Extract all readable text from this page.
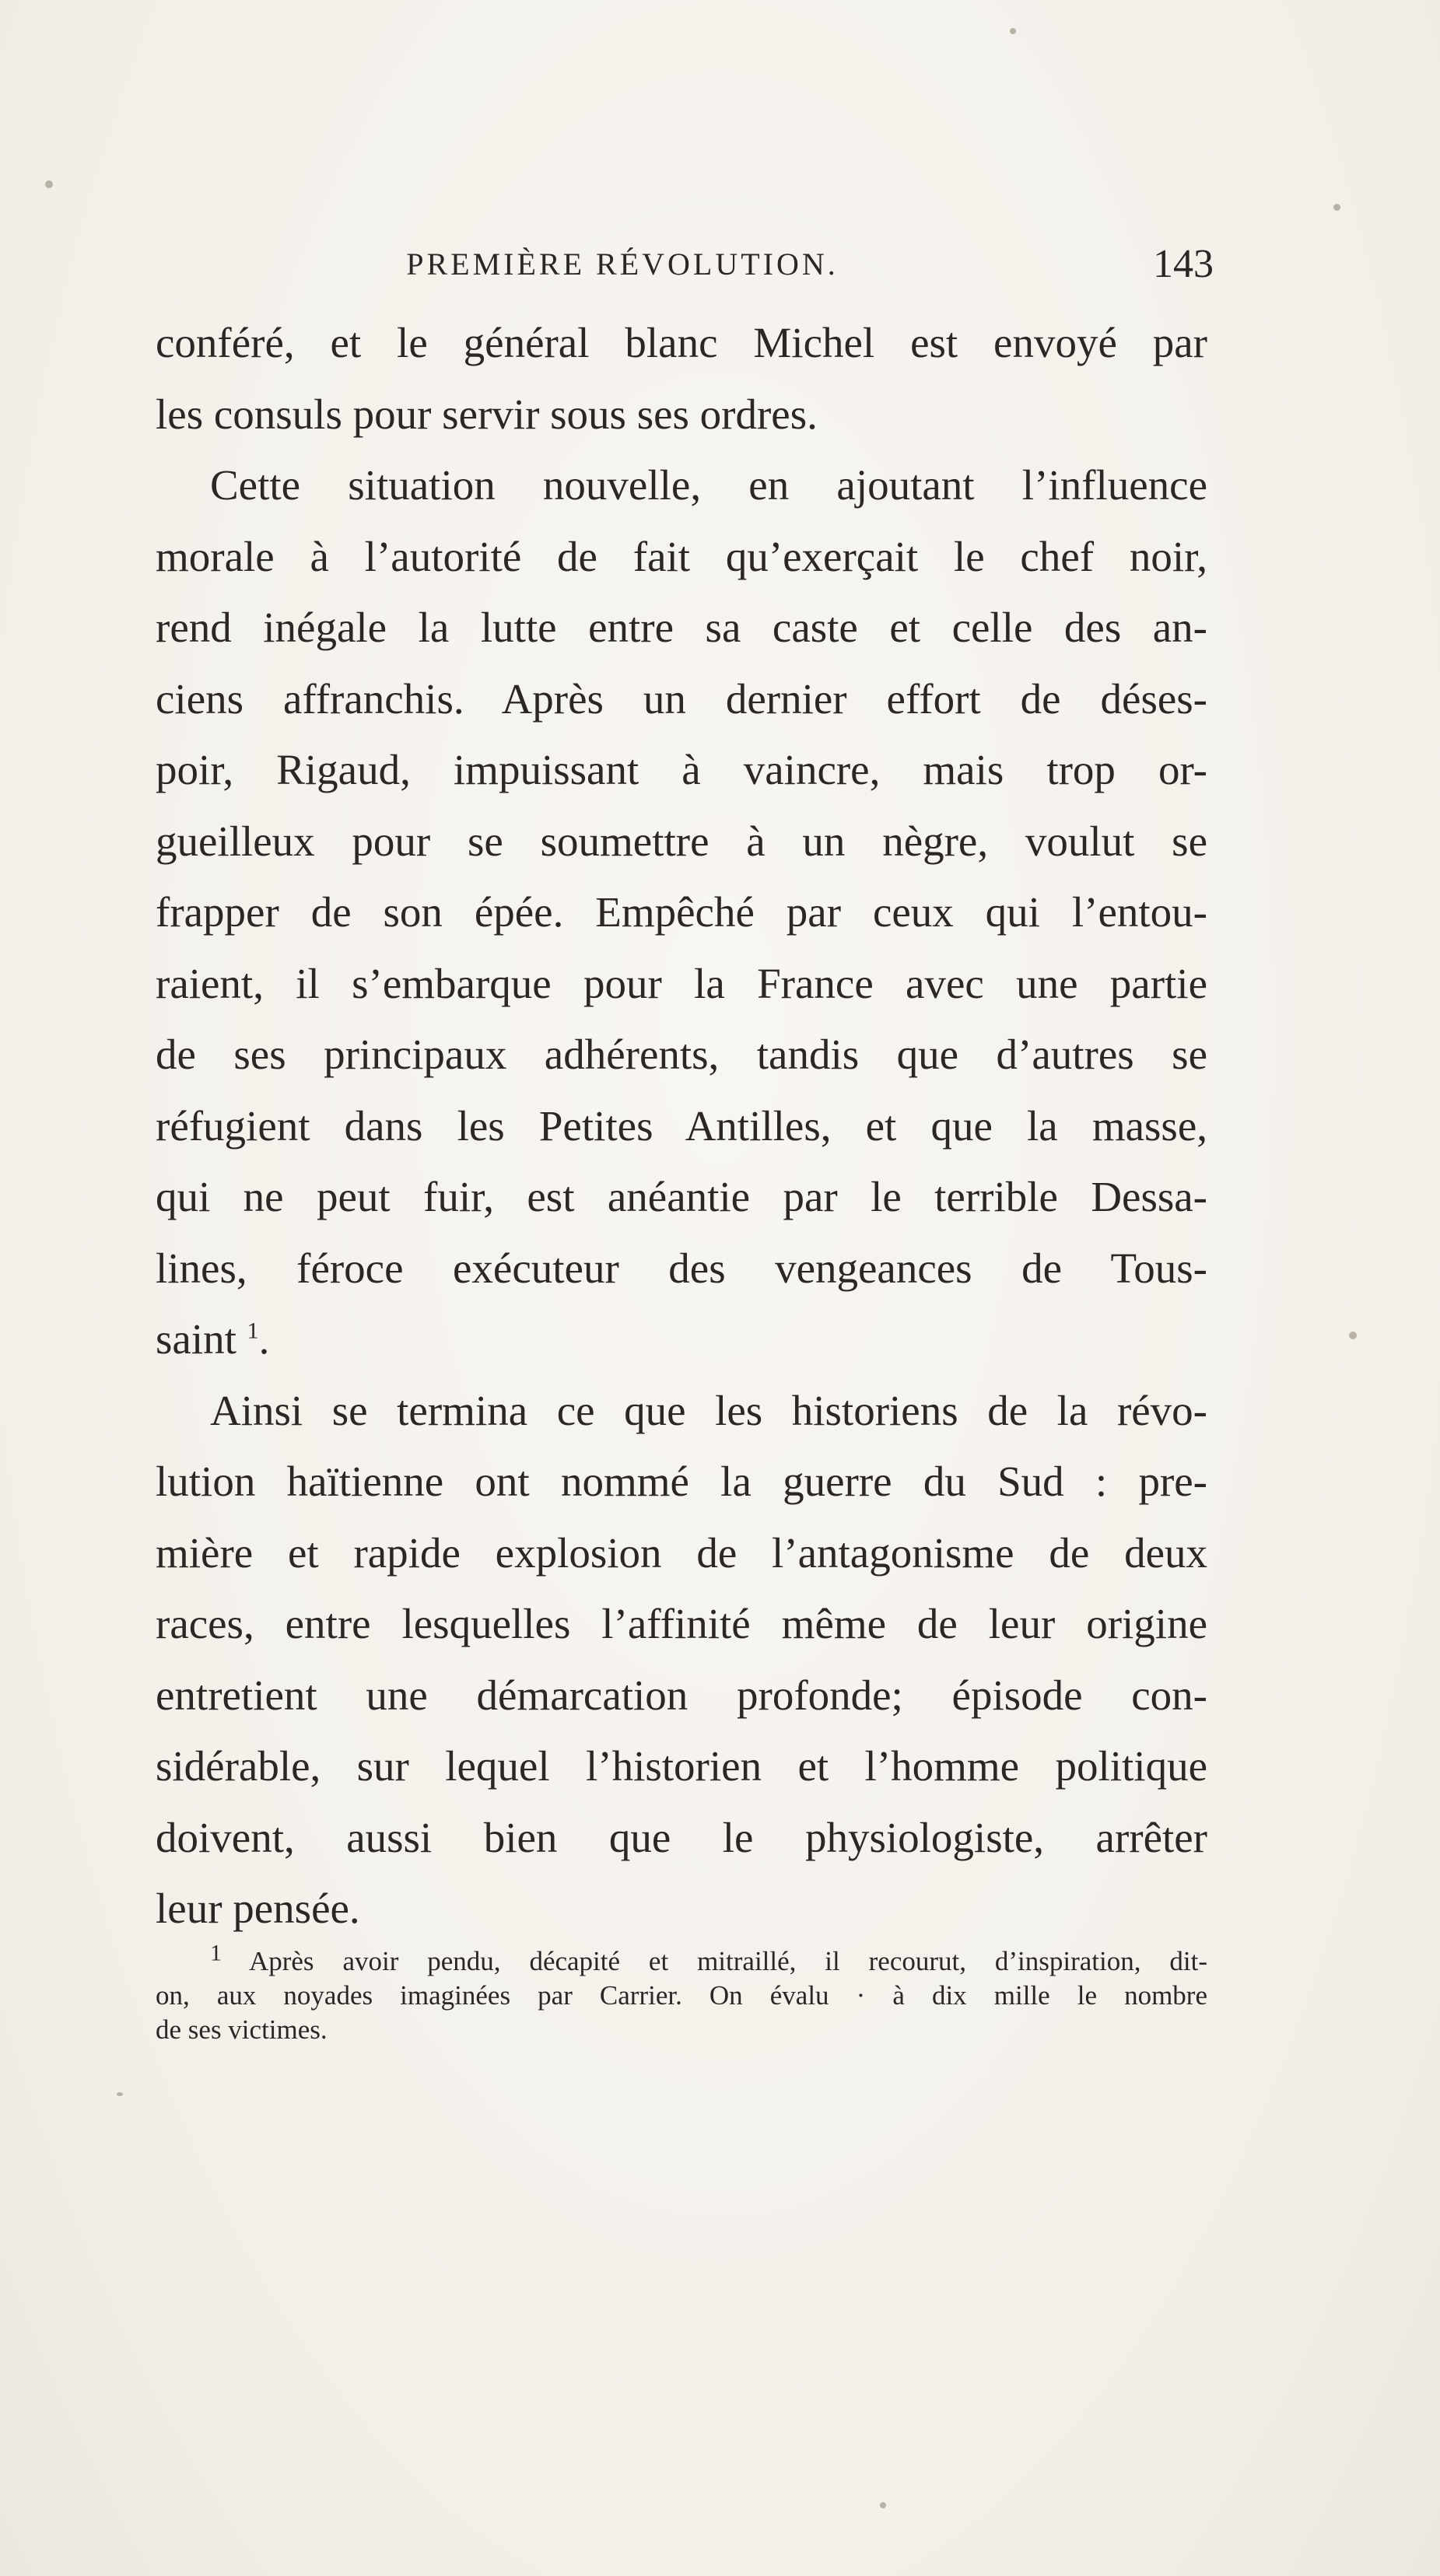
PREMIÈRE RÉVOLUTION.	143
conféré, et le général blanc Michel est envoyé par
les consuls pour servir sous ses ordres.
Cette situation nouvelle, en ajoutant l’influence
morale à l’autorité de fait qu’exerçait le chef noir,
rend inégale la lutte entre sa caste et celle des an-
ciens affranchis. Après un dernier effort de déses-
poir, Rigaud, impuissant à vaincre, mais trop or-
gueilleux pour se soumettre à un nègre, voulut se
frapper de son épée. Empêché par ceux qui l’entou-
raient, il s’embarque pour la France avec une partie
de ses principaux adhérents, tandis que d’autres se
réfugient dans les Petites Antilles, et que la masse,
qui ne peut fuir, est anéantie par le terrible Dessa-
lines, féroce exécuteur des vengeances de Tous-
saint $^1$.
Ainsi se termina ce que les historiens de la révo-
lution haïtienne ont nommé la guerre du Sud : pre-
mière et rapide explosion de l’antagonisme de deux
races, entre lesquelles l’affinité même de leur origine
entretient une démarcation profonde; épisode con-
sidérable, sur lequel l’historien et l’homme politique
doivent, aussi bien que le physiologiste, arrêter
leur pensée.
$^1$ Après avoir pendu, décapité et mitraillé, il recourut, d’inspiration, dit-
on, aux noyades imaginées par Carrier. On évalu · à dix mille le nombre
de ses victimes.
